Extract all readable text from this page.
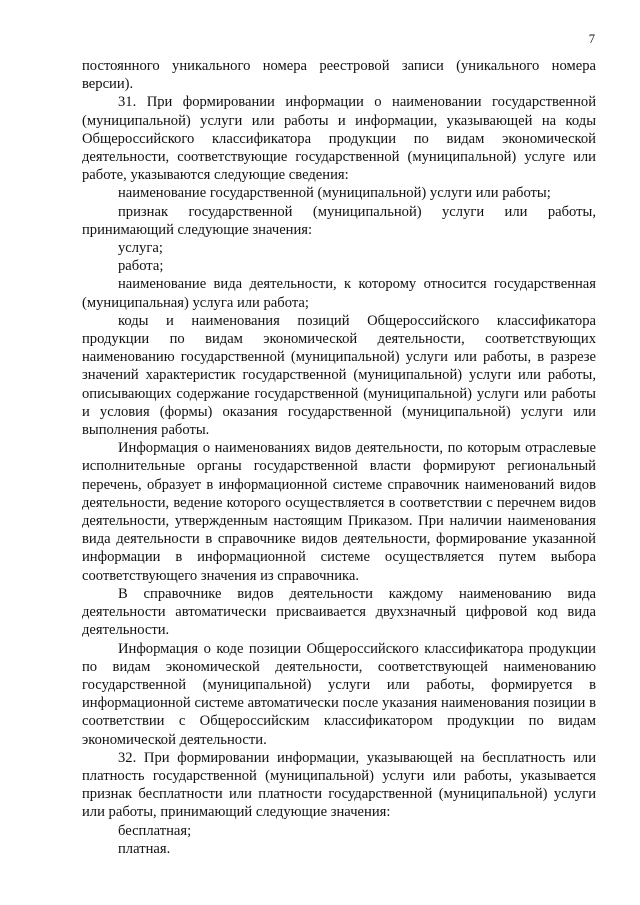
7

постоянного уникального номера реестровой записи (уникального номера версии).

31. При формировании информации о наименовании государственной (муниципальной) услуги или работы и информации, указывающей на коды Общероссийского классификатора продукции по видам экономической деятельности, соответствующие государственной (муниципальной) услуге или работе, указываются следующие сведения:

наименование государственной (муниципальной) услуги или работы;

признак государственной (муниципальной) услуги или работы, принимающий следующие значения:

услуга;

работа;

наименование вида деятельности, к которому относится государственная (муниципальная) услуга или работа;

коды и наименования позиций Общероссийского классификатора продукции по видам экономической деятельности, соответствующих наименованию государственной (муниципальной) услуги или работы, в разрезе значений характеристик государственной (муниципальной) услуги или работы, описывающих содержание государственной (муниципальной) услуги или работы и условия (формы) оказания государственной (муниципальной) услуги или выполнения работы.

Информация о наименованиях видов деятельности, по которым отраслевые исполнительные органы государственной власти формируют региональный перечень, образует в информационной системе справочник наименований видов деятельности, ведение которого осуществляется в соответствии с перечнем видов деятельности, утвержденным настоящим Приказом. При наличии наименования вида деятельности в справочнике видов деятельности, формирование указанной информации в информационной системе осуществляется путем выбора соответствующего значения из справочника.

В справочнике видов деятельности каждому наименованию вида деятельности автоматически присваивается двухзначный цифровой код вида деятельности.

Информация о коде позиции Общероссийского классификатора продукции по видам экономической деятельности, соответствующей наименованию государственной (муниципальной) услуги или работы, формируется в информационной системе автоматически после указания наименования позиции в соответствии с Общероссийским классификатором продукции по видам экономической деятельности.

32. При формировании информации, указывающей на бесплатность или платность государственной (муниципальной) услуги или работы, указывается признак бесплатности или платности государственной (муниципальной) услуги или работы, принимающий следующие значения:

бесплатная;

платная.
